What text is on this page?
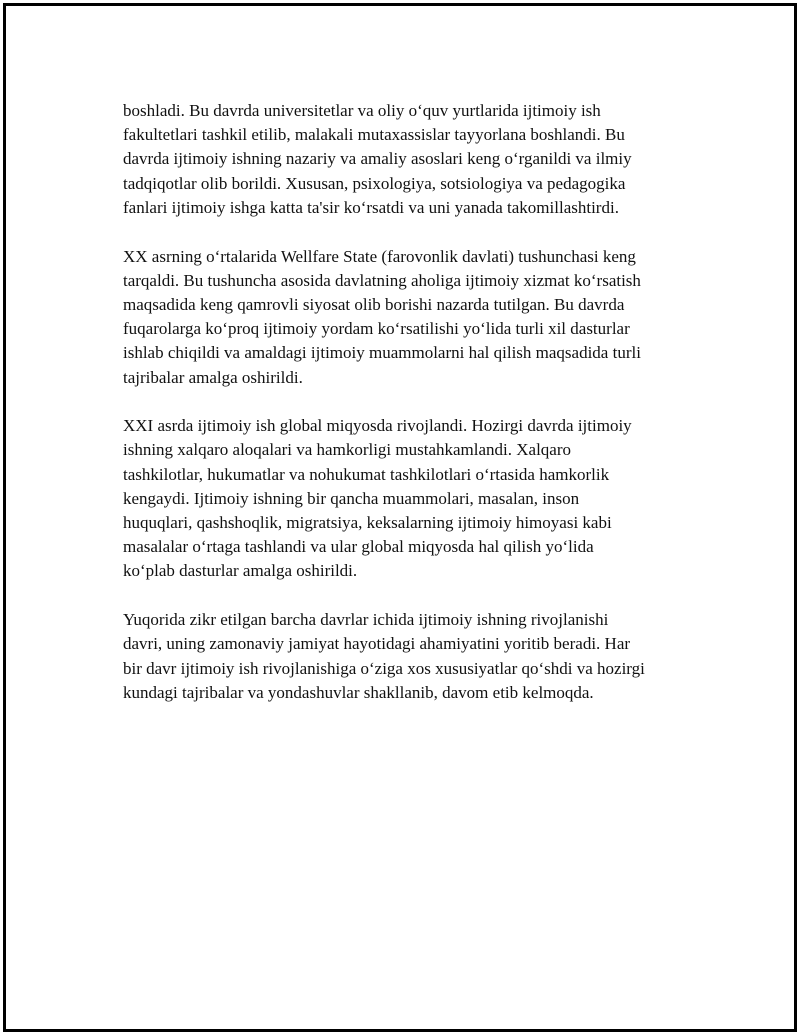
boshladi. Bu davrda universitetlar va oliy o‘quv yurtlarida ijtimoiy ish
fakultetlari tashkil etilib, malakali mutaxassislar tayyorlana boshlandi. Bu
davrda ijtimoiy ishning nazariy va amaliy asoslari keng o‘rganildi va ilmiy
tadqiqotlar olib borildi. Xususan, psixologiya, sotsiologiya va pedagogika
fanlari ijtimoiy ishga katta ta'sir ko‘rsatdi va uni yanada takomillashtirdi.

XX asrning o‘rtalarida Wellfare State (farovonlik davlati) tushunchasi keng
tarqaldi. Bu tushuncha asosida davlatning aholiga ijtimoiy xizmat ko‘rsatish
maqsadida keng qamrovli siyosat olib borishi nazarda tutilgan. Bu davrda
fuqarolarga ko‘proq ijtimoiy yordam ko‘rsatilishi yo‘lida turli xil dasturlar
ishlab chiqildi va amaldagi ijtimoiy muammolarni hal qilish maqsadida turli
tajribalar amalga oshirildi.

XXI asrda ijtimoiy ish global miqyosda rivojlandi. Hozirgi davrda ijtimoiy
ishning xalqaro aloqalari va hamkorligi mustahkamlandi. Xalqaro
tashkilotlar, hukumatlar va nohukumat tashkilotlari o‘rtasida hamkorlik
kengaydi. Ijtimoiy ishning bir qancha muammolari, masalan, inson
huquqlari, qashshoqlik, migratsiya, keksalarning ijtimoiy himoyasi kabi
masalalar o‘rtaga tashlandi va ular global miqyosda hal qilish yo‘lida
ko‘plab dasturlar amalga oshirildi.

Yuqorida zikr etilgan barcha davrlar ichida ijtimoiy ishning rivojlanishi
davri, uning zamonaviy jamiyat hayotidagi ahamiyatini yoritib beradi. Har
bir davr ijtimoiy ish rivojlanishiga o‘ziga xos xususiyatlar qo‘shdi va hozirgi
kundagi tajribalar va yondashuvlar shakllanib, davom etib kelmoqda.
